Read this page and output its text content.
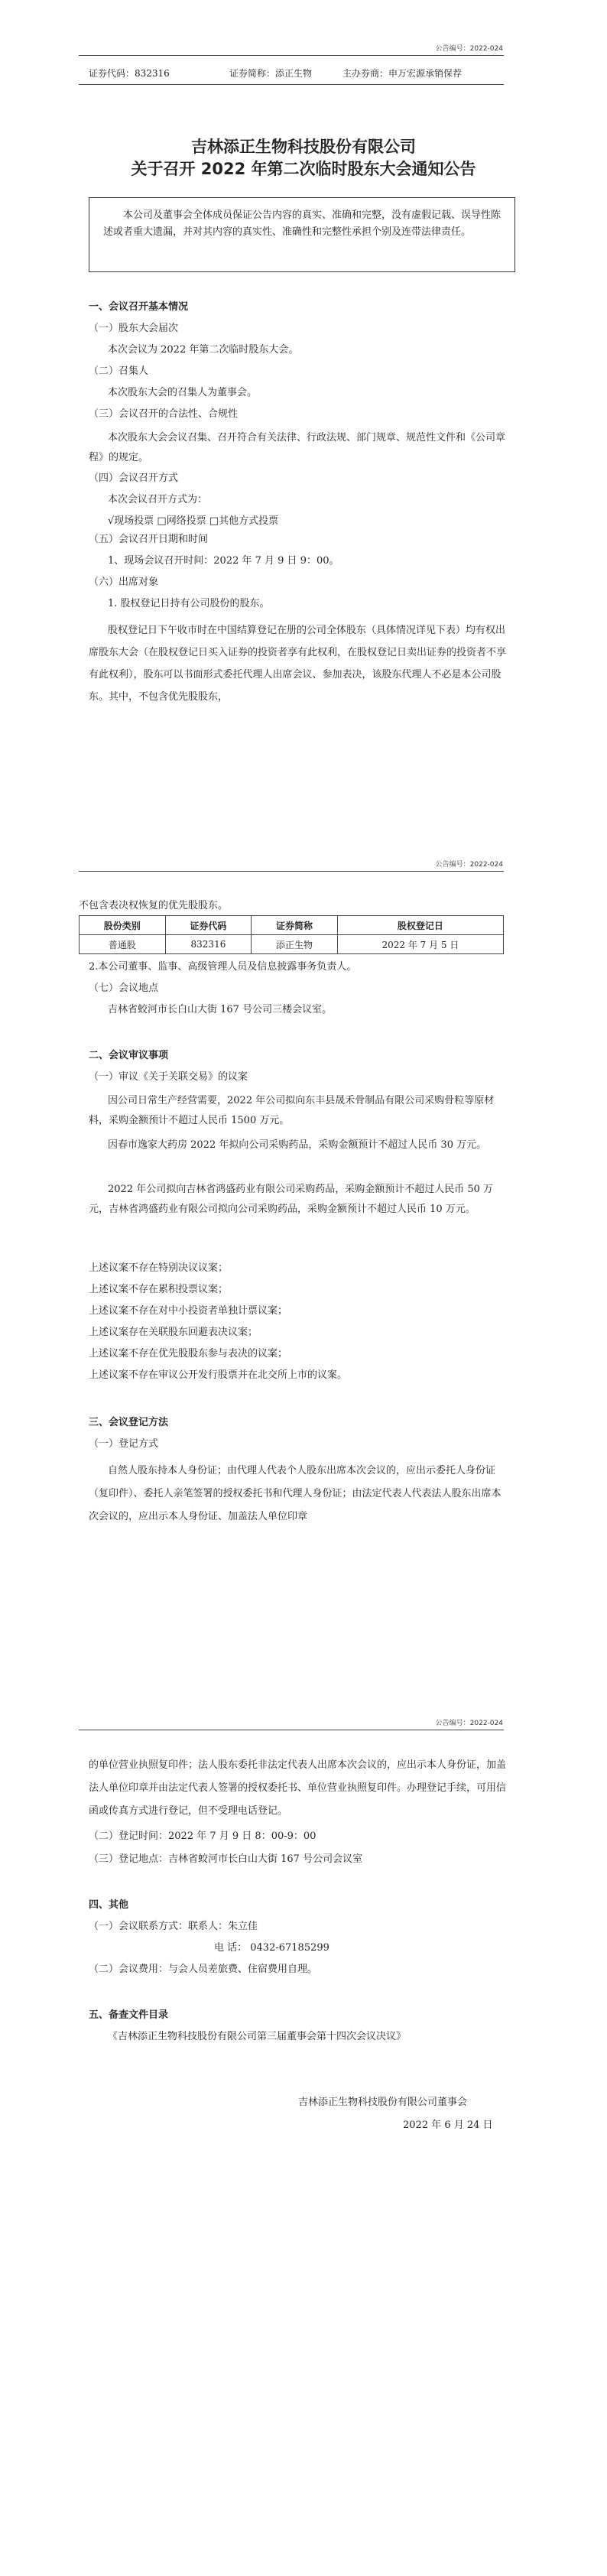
公告编号：2022-024
证券代码：832316	证券简称：添正生物	主办券商：申万宏源承销保荐
吉林添正生物科技股份有限公司
关于召开 2022 年第二次临时股东大会通知公告
本公司及董事会全体成员保证公告内容的真实、准确和完整，没有虚假记载、误导性陈述或者重大遗漏，并对其内容的真实性、准确性和完整性承担个别及连带法律责任。
一、会议召开基本情况
（一）股东大会届次
本次会议为 2022 年第二次临时股东大会。
（二）召集人
本次股东大会的召集人为董事会。
（三）会议召开的合法性、合规性
本次股东大会会议召集、召开符合有关法律、行政法规、部门规章、规范性文件和《公司章程》的规定。
（四）会议召开方式
本次会议召开方式为：
√现场投票 □网络投票 □其他方式投票
（五）会议召开日期和时间
1、现场会议召开时间：2022 年 7 月 9 日 9：00。
（六）出席对象
1. 股权登记日持有公司股份的股东。
股权登记日下午收市时在中国结算登记在册的公司全体股东（具体情况详见下表）均有权出席股东大会（在股权登记日买入证券的投资者享有此权利，在股权登记日卖出证券的投资者不享有此权利），股东可以书面形式委托代理人出席会议、参加表决，该股东代理人不必是本公司股东。其中，不包含优先股股东，
公告编号：2022-024
不包含表决权恢复的优先股股东。
股份类别	证券代码	证券简称	股权登记日
普通股	832316	添正生物	2022 年 7 月 5 日
2.本公司董事、监事、高级管理人员及信息披露事务负责人。
（七）会议地点
吉林省蛟河市长白山大街 167 号公司三楼会议室。
二、会议审议事项
（一）审议《关于关联交易》的议案
因公司日常生产经营需要，2022 年公司拟向东丰县晟禾骨制品有限公司采购骨粒等原材料，采购金额预计不超过人民币 1500 万元。
因春市逸家大药房 2022 年拟向公司采购药品，采购金额预计不超过人民币 30 万元。
2022 年公司拟向吉林省鸿盛药业有限公司采购药品，采购金额预计不超过人民币 50 万元，吉林省鸿盛药业有限公司拟向公司采购药品，采购金额预计不超过人民币 10 万元。
上述议案不存在特别决议议案；
上述议案不存在累积投票议案；
上述议案不存在对中小投资者单独计票议案；
上述议案存在关联股东回避表决议案；
上述议案不存在优先股股东参与表决的议案；
上述议案不存在审议公开发行股票并在北交所上市的议案。
三、会议登记方法
（一）登记方式
自然人股东持本人身份证；由代理人代表个人股东出席本次会议的，应出示委托人身份证（复印件）、委托人亲笔签署的授权委托书和代理人身份证；由法定代表人代表法人股东出席本次会议的，应出示本人身份证、加盖法人单位印章
公告编号：2022-024
的单位营业执照复印件；法人股东委托非法定代表人出席本次会议的，应出示本人身份证，加盖法人单位印章并由法定代表人签署的授权委托书、单位营业执照复印件。办理登记手续，可用信函或传真方式进行登记，但不受理电话登记。
（二）登记时间：2022 年 7 月 9 日 8：00-9：00
（三）登记地点：吉林省蛟河市长白山大街 167 号公司会议室
四、其他
（一）会议联系方式：联系人：朱立佳
电 话： 0432-67185299
（二）会议费用：与会人员差旅费、住宿费用自理。
五、备查文件目录
《吉林添正生物科技股份有限公司第三届董事会第十四次会议决议》
吉林添正生物科技股份有限公司董事会
2022 年 6 月 24 日
